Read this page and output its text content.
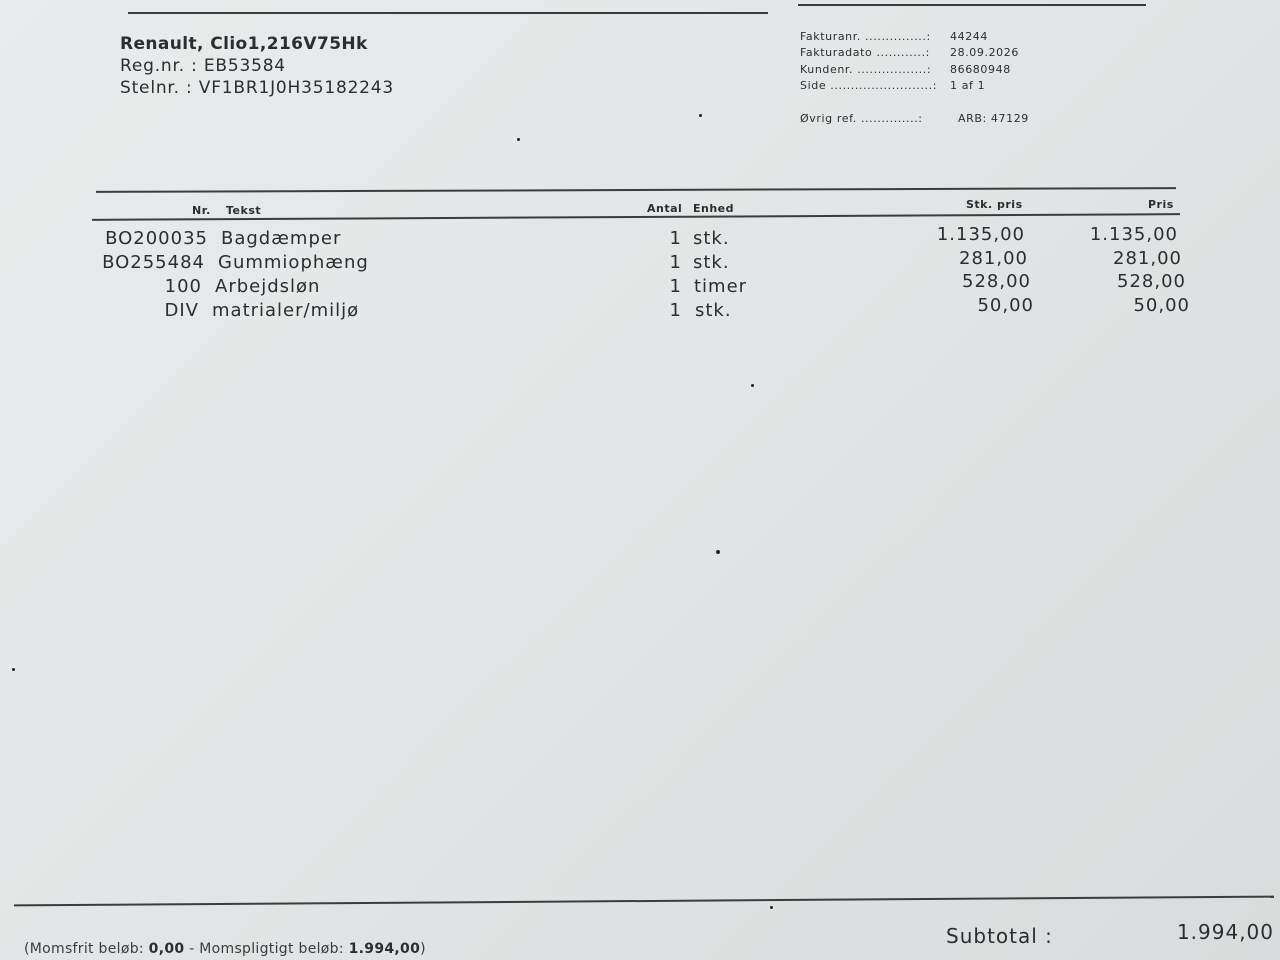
Renault, Clio1,216V75Hk
Reg.nr. : EB53584
Stelnr. : VF1BR1J0H35182243
Fakturanr. ...............:	44244
Fakturadato ............:	28.09.2026
Kundenr. .................:	86680948
Side .........................:	1 af 1
Øvrig ref. ..............:	ARB: 47129
Nr. Tekst	Antal Enhed	Stk. pris	Pris
BO200035 Bagdæmper	1 stk.	1.135,00	1.135,00
BO255484 Gummiophæng	1 stk.	281,00	281,00
100 Arbejdsløn	1 timer	528,00	528,00
DIV matrialer/miljø	1 stk.	50,00	50,00
(Momsfrit beløb: 0,00 - Momspligtigt beløb: 1.994,00)
Subtotal :	1.994,00
